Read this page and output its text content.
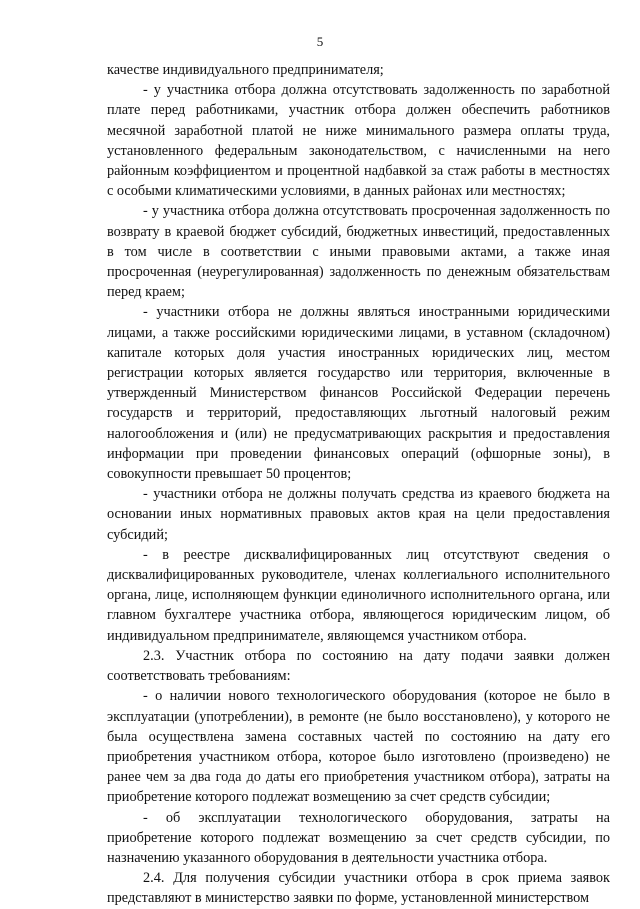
5

качестве индивидуального предпринимателя;

- у участника отбора должна отсутствовать задолженность по заработной плате перед работниками, участник отбора должен обеспечить работников месячной заработной платой не ниже минимального размера оплаты труда, установленного федеральным законодательством, с начисленными на него районным коэффициентом и процентной надбавкой за стаж работы в местностях с особыми климатическими условиями, в данных районах или местностях;

- у участника отбора должна отсутствовать просроченная задолженность по возврату в краевой бюджет субсидий, бюджетных инвестиций, предоставленных в том числе в соответствии с иными правовыми актами, а также иная просроченная (неурегулированная) задолженность по денежным обязательствам перед краем;

- участники отбора не должны являться иностранными юридическими лицами, а также российскими юридическими лицами, в уставном (складочном) капитале которых доля участия иностранных юридических лиц, местом регистрации которых является государство или территория, включенные в утвержденный Министерством финансов Российской Федерации перечень государств и территорий, предоставляющих льготный налоговый режим налогообложения и (или) не предусматривающих раскрытия и предоставления информации при проведении финансовых операций (офшорные зоны), в совокупности превышает 50 процентов;

- участники отбора не должны получать средства из краевого бюджета на основании иных нормативных правовых актов края на цели предоставления субсидий;

- в реестре дисквалифицированных лиц отсутствуют сведения о дисквалифицированных руководителе, членах коллегиального исполнительного органа, лице, исполняющем функции единоличного исполнительного органа, или главном бухгалтере участника отбора, являющегося юридическим лицом, об индивидуальном предпринимателе, являющемся участником отбора.

2.3. Участник отбора по состоянию на дату подачи заявки должен соответствовать требованиям:

- о наличии нового технологического оборудования (которое не было в эксплуатации (употреблении), в ремонте (не было восстановлено), у которого не была осуществлена замена составных частей по состоянию на дату его приобретения участником отбора, которое было изготовлено (произведено) не ранее чем за два года до даты его приобретения участником отбора), затраты на приобретение которого подлежат возмещению за счет средств субсидии;

- об эксплуатации технологического оборудования, затраты на приобретение которого подлежат возмещению за счет средств субсидии, по назначению указанного оборудования в деятельности участника отбора.

2.4. Для получения субсидии участники отбора в срок приема заявок представляют в министерство заявки по форме, установленной министерством
